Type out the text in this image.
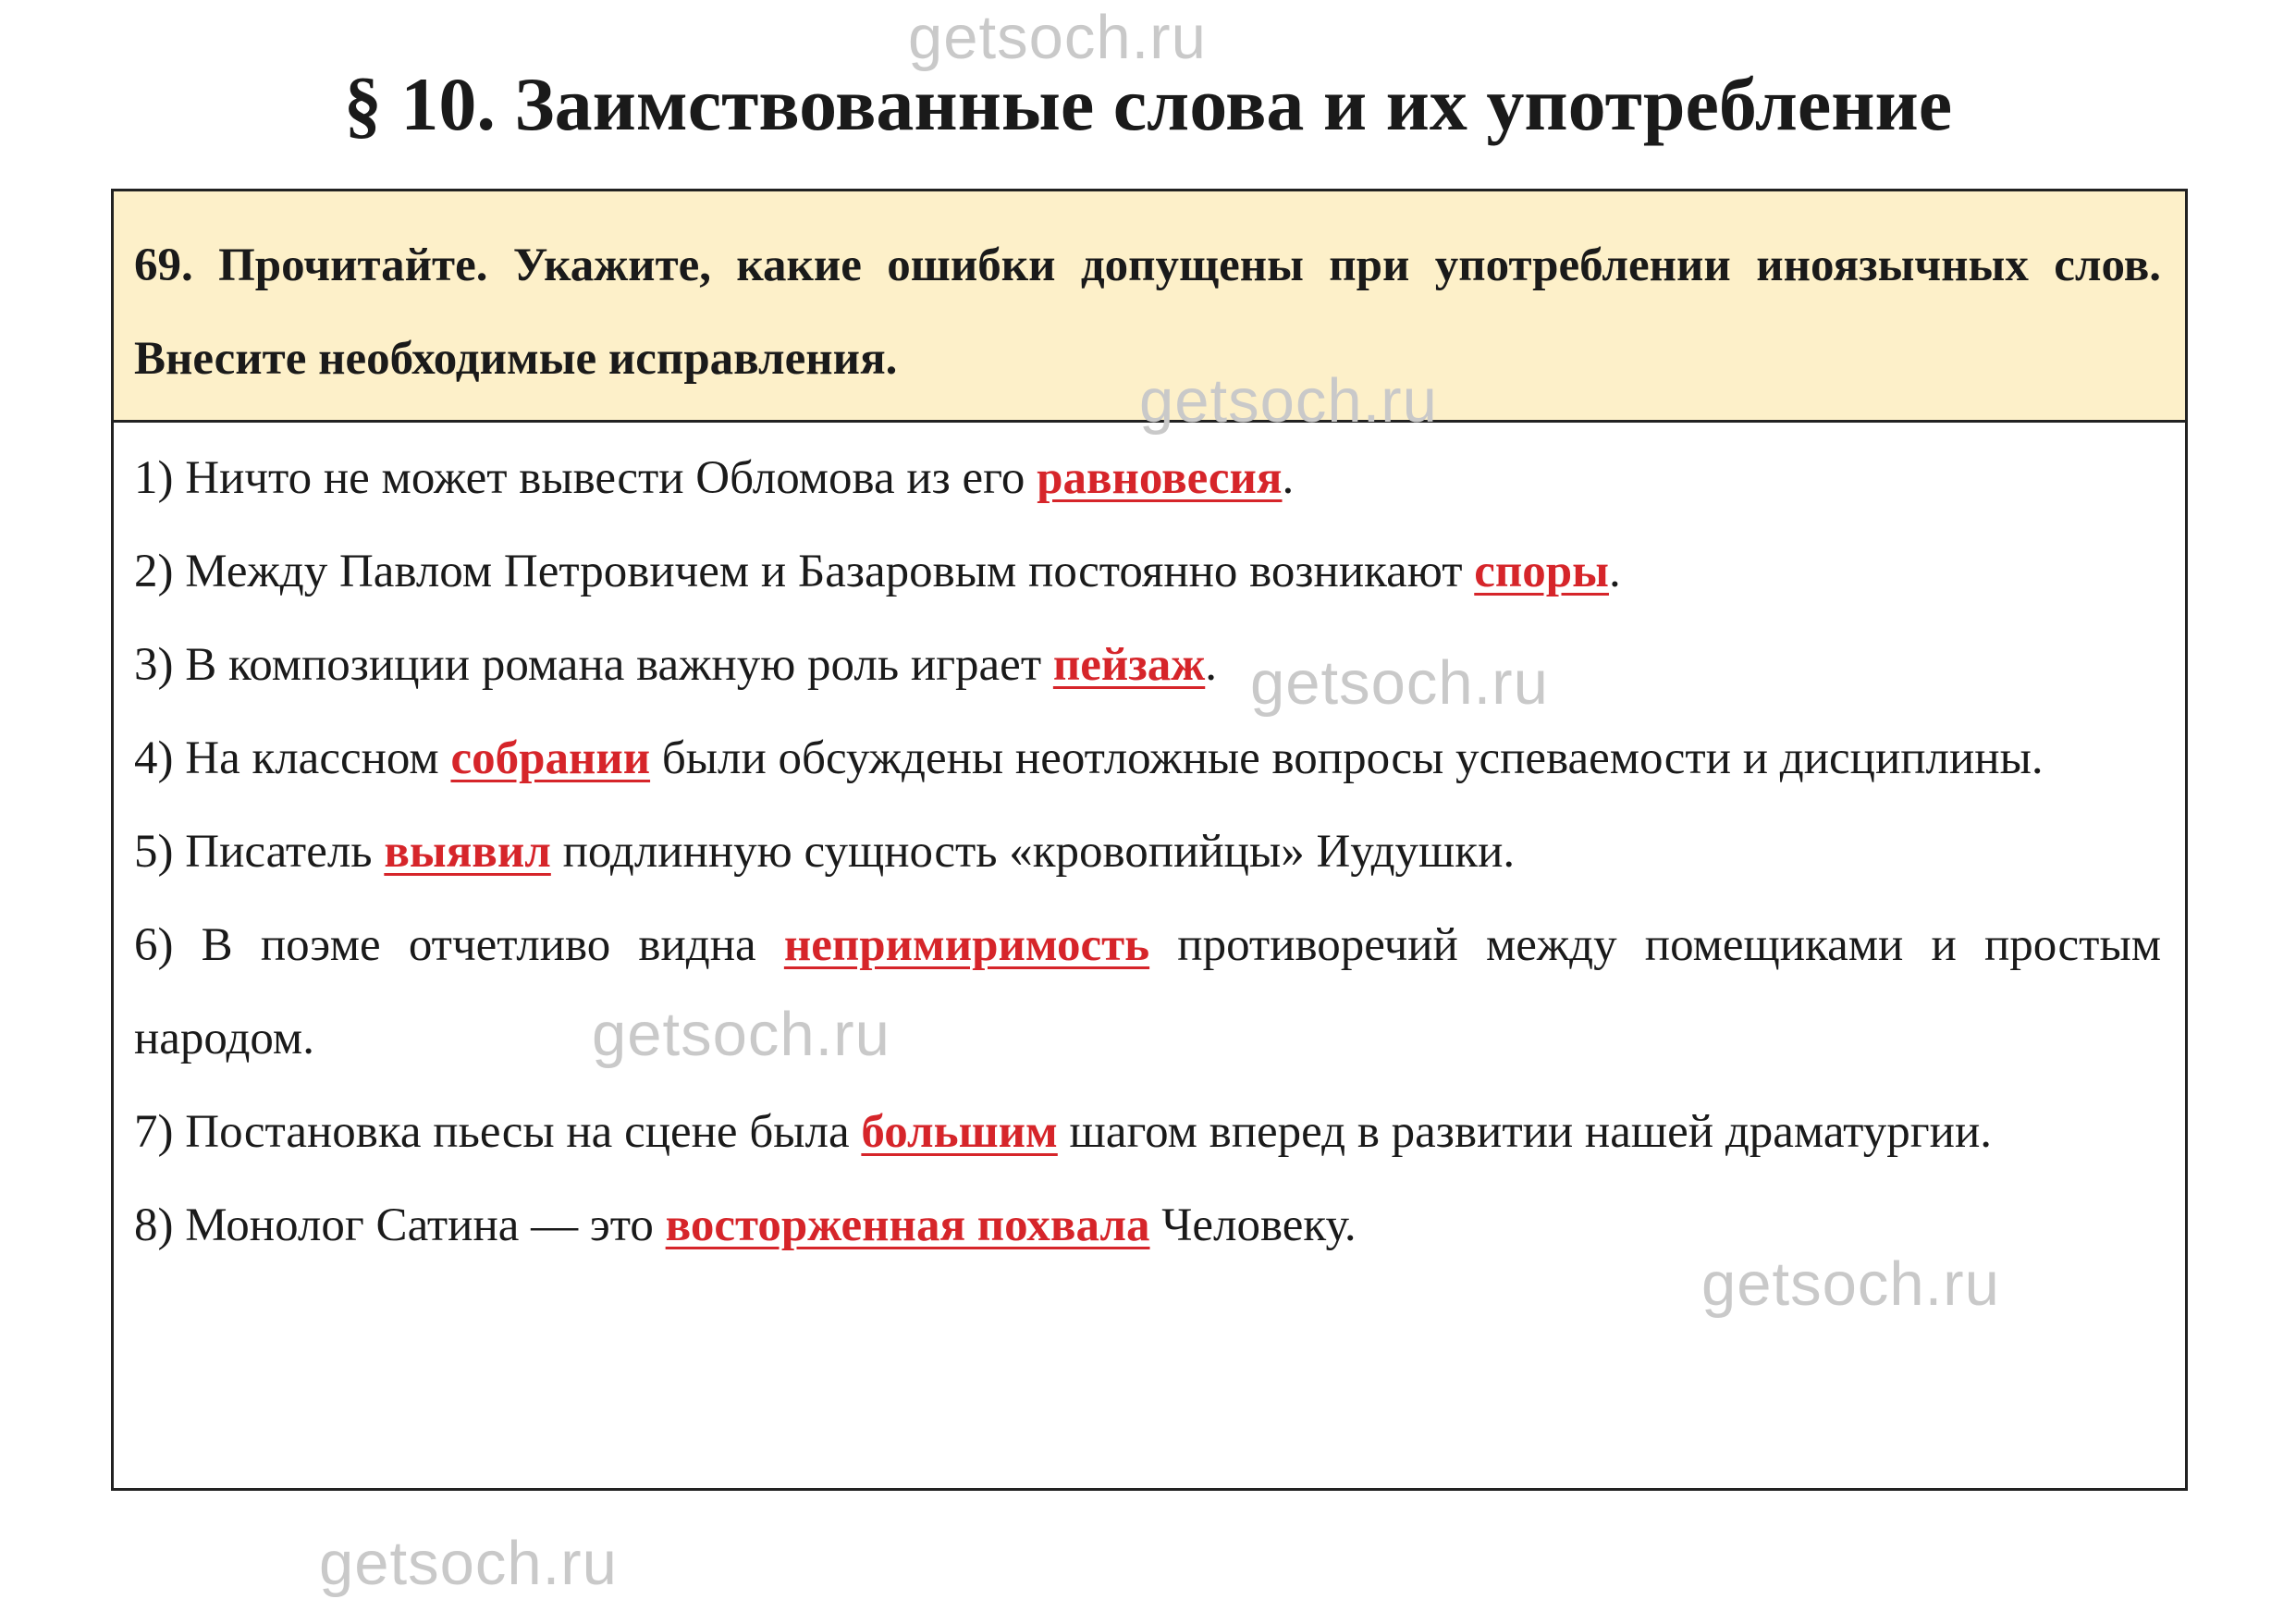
§ 10. Заимствованные слова и их употребление
69. Прочитайте. Укажите, какие ошибки допущены при употреблении иноязычных слов. Внесите необходимые исправления.
1) Ничто не может вывести Обломова из его равновесия.
2) Между Павлом Петровичем и Базаровым постоянно возникают споры.
3) В композиции романа важную роль играет пейзаж.
4) На классном собрании были обсуждены неотложные вопросы успеваемости и дисциплины.
5) Писатель выявил подлинную сущность «кровопийцы» Иудушки.
6) В поэме отчетливо видна непримиримость противоречий между помещиками и простым народом.
7) Постановка пьесы на сцене была большим шагом вперед в развитии нашей драматургии.
8) Монолог Сатина — это восторженная похвала Человеку.
getsoch.ru
getsoch.ru
getsoch.ru
getsoch.ru
getsoch.ru
getsoch.ru
